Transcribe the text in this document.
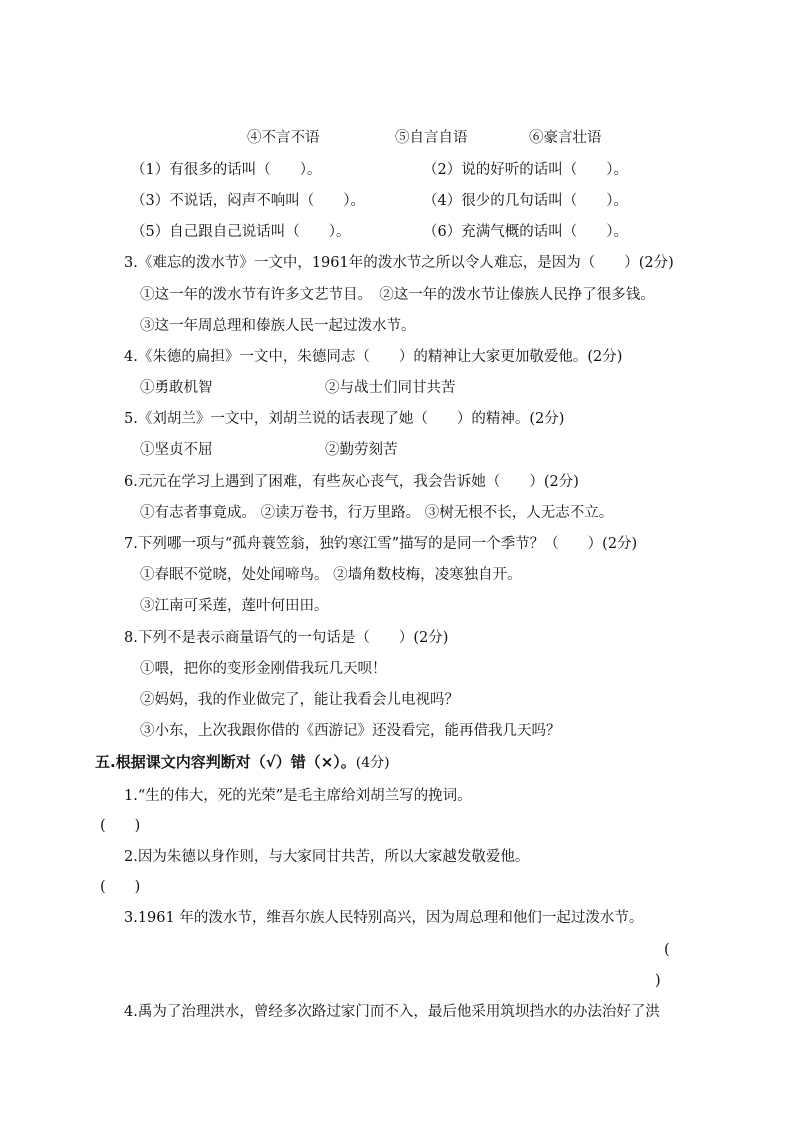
④不言不语	⑤自言自语	⑥豪言壮语
（1）有很多的话叫（　　）。	（2）说的好听的话叫（　　）。
（3）不说话，闷声不响叫（　　）。	（4）很少的几句话叫（　　）。
（5）自己跟自己说话叫（　　）。	（6）充满气概的话叫（　　）。
3.《难忘的泼水节》一文中，1961年的泼水节之所以令人难忘，是因为（　　）(2分)
①这一年的泼水节有许多文艺节目。　②这一年的泼水节让傣族人民挣了很多钱。
③这一年周总理和傣族人民一起过泼水节。
4.《朱德的扁担》一文中，朱德同志（　　）的精神让大家更加敬爱他。(2分)
①勇敢机智	②与战士们同甘共苦
5.《刘胡兰》一文中，刘胡兰说的话表现了她（　　）的精神。(2分)
①坚贞不屈	②勤劳刻苦
6.元元在学习上遇到了困难，有些灰心丧气，我会告诉她（　　）(2分)
①有志者事竟成。 ②读万卷书，行万里路。 ③树无根不长，人无志不立。
7.下列哪一项与“孤舟蓑笠翁，独钓寒江雪”描写的是同一个季节？（　　）(2分)
①春眠不觉晓，处处闻啼鸟。 ②墙角数枝梅，凌寒独自开。
③江南可采莲，莲叶何田田。
8.下列不是表示商量语气的一句话是（　　）(2分)
①喂，把你的变形金刚借我玩几天呗！
②妈妈，我的作业做完了，能让我看会儿电视吗？
③小东，上次我跟你借的《西游记》还没看完，能再借我几天吗？
五.根据课文内容判断对（√）错（×）。(4分)
1.“生的伟大，死的光荣”是毛主席给刘胡兰写的挽词。
(　　)
2.因为朱德以身作则，与大家同甘共苦，所以大家越发敬爱他。
(　　)
3.1961 年的泼水节，维吾尔族人民特别高兴，因为周总理和他们一起过泼水节。
(
)
4.禹为了治理洪水，曾经多次路过家门而不入，最后他采用筑坝挡水的办法治好了洪
